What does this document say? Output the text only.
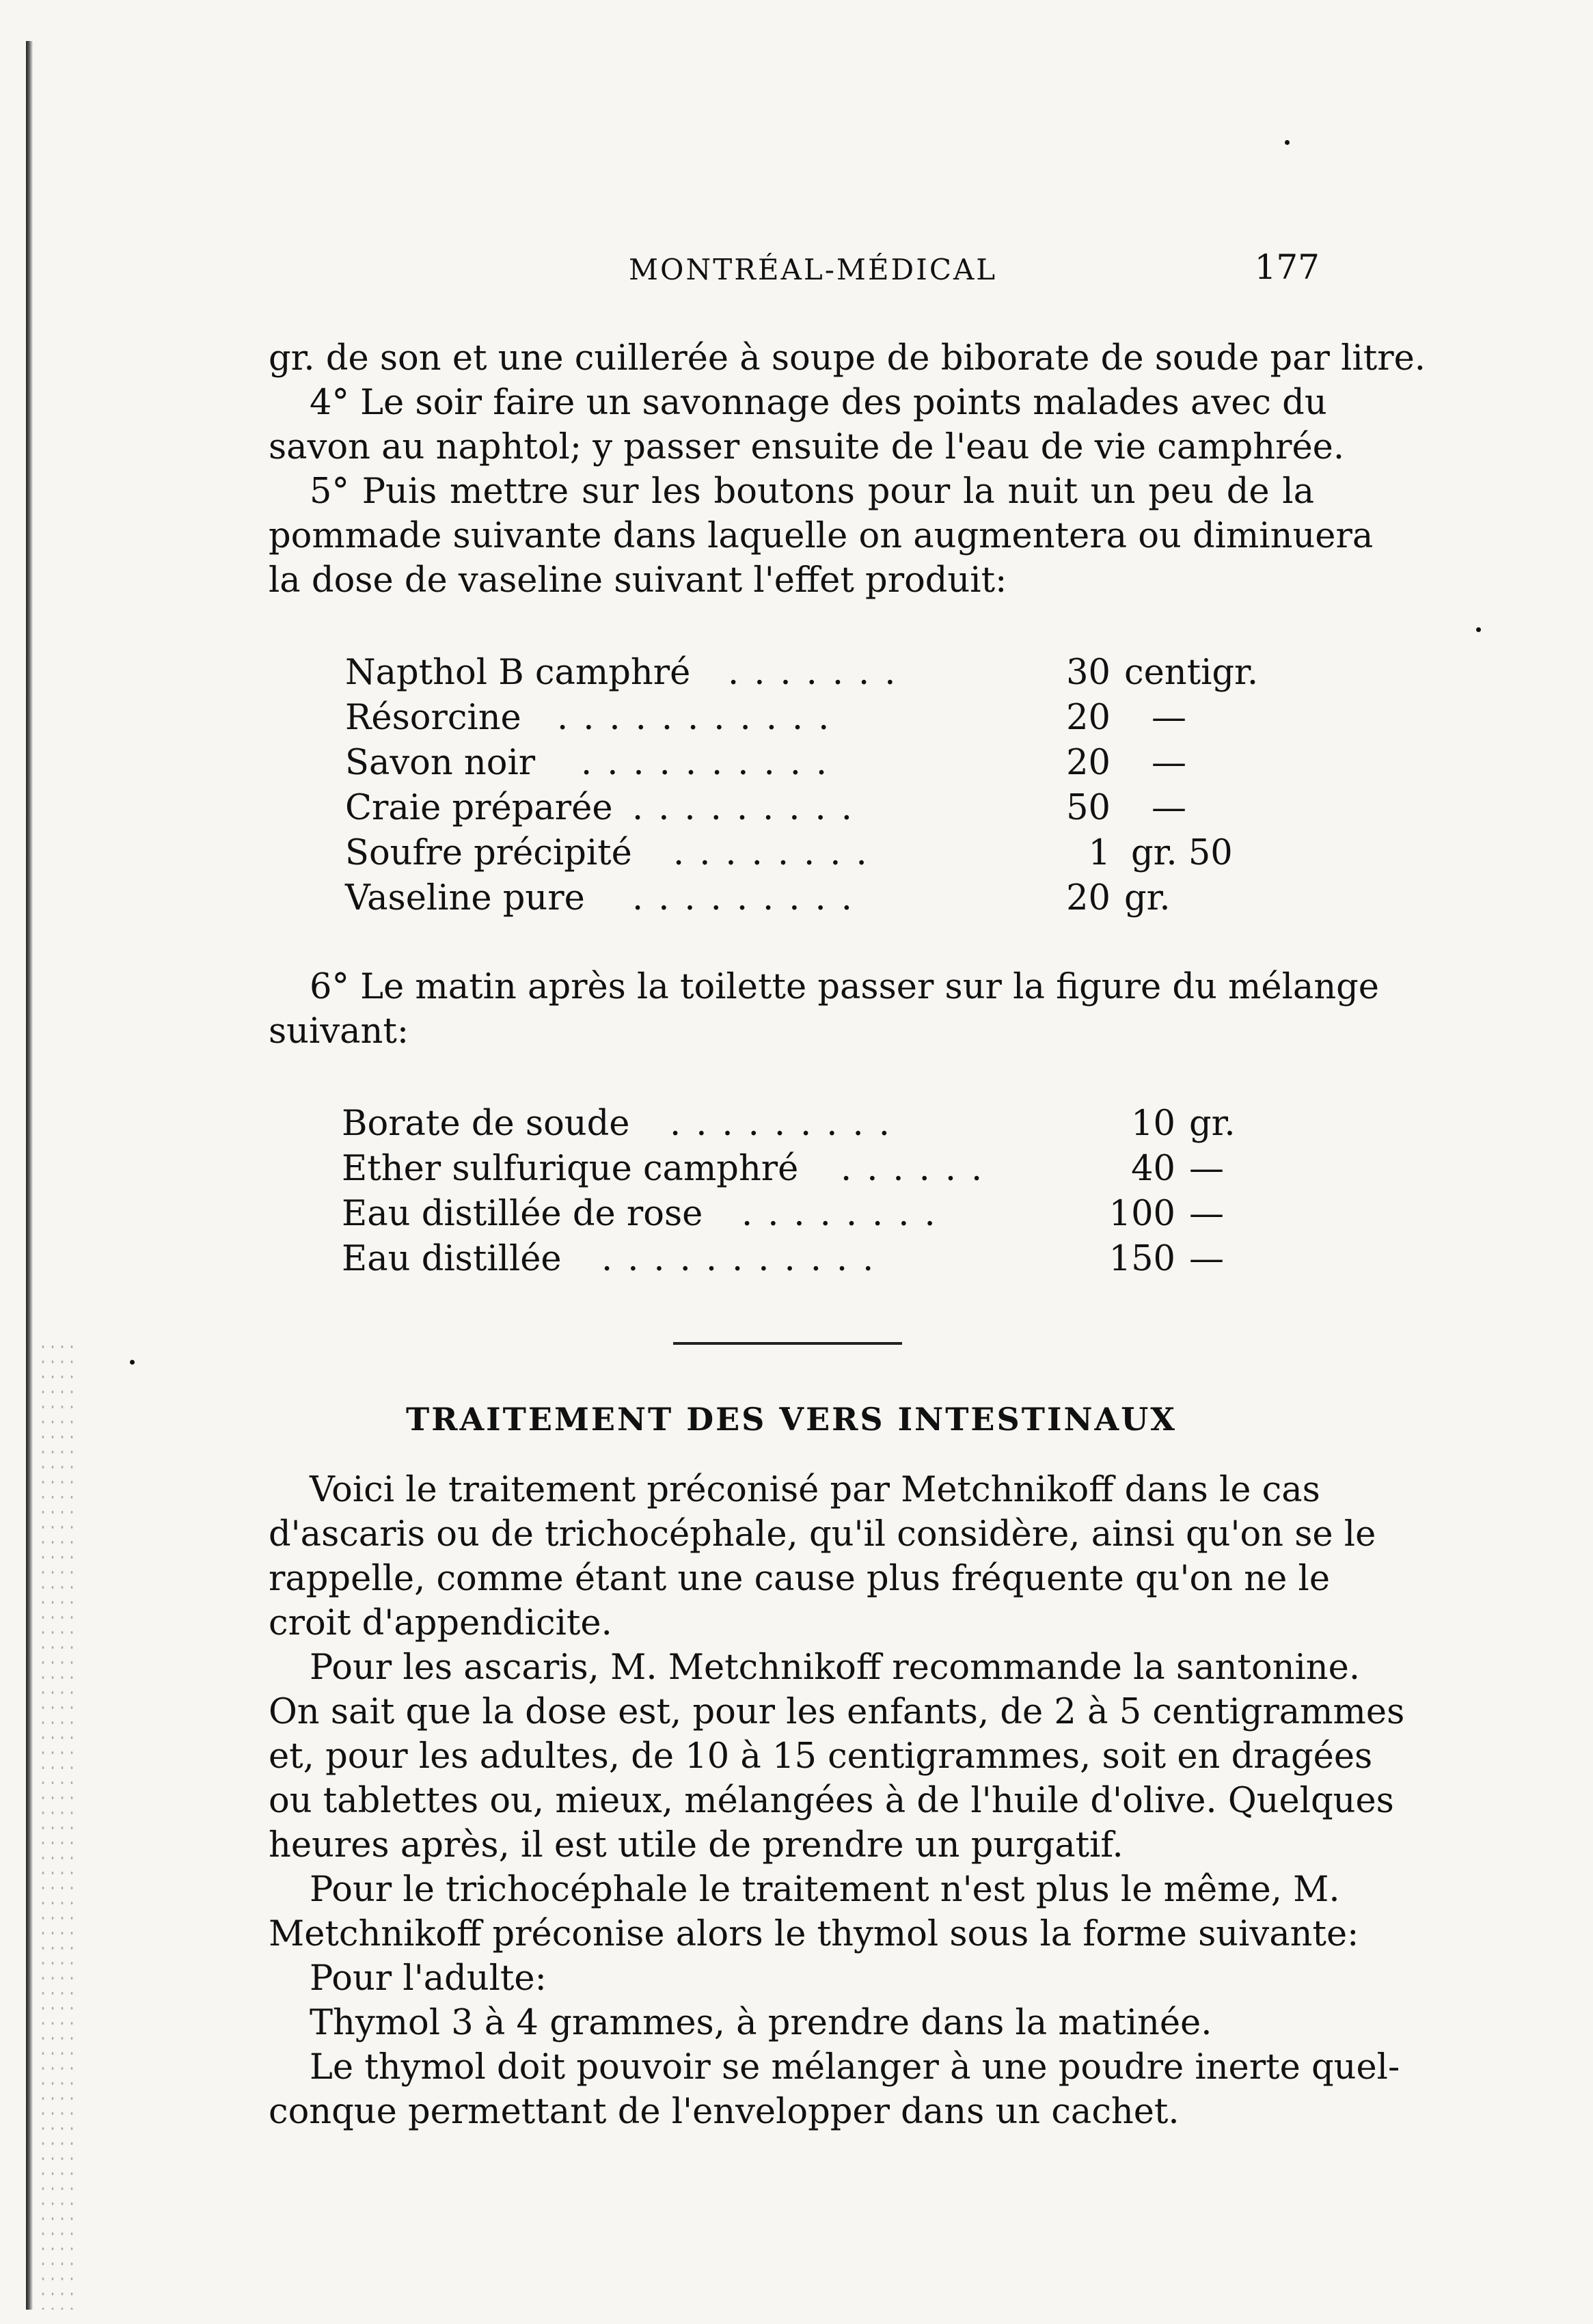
MONTRÉAL-MÉDICAL	177
gr. de son et une cuillerée à soupe de biborate de soude par litre.
4° Le soir faire un savonnage des points malades avec du
savon au naphtol; y passer ensuite de l'eau de vie camphrée.
5° Puis mettre sur les boutons pour la nuit un peu de la
pommade suivante dans laquelle on augmentera ou diminuera
la dose de vaseline suivant l'effet produit:
Napthol B camphré .......	30 centigr.
Résorcine ...........	20 —
Savon noir ..........	20 —
Craie préparée .........	50 —
Soufre précipité ........	1 gr. 50
Vaseline pure .........	20 gr.
6° Le matin après la toilette passer sur la figure du mélange
suivant:
Borate de soude .........	10 gr.
Ether sulfurique camphré ......	40 —
Eau distillée de rose ........	100 —
Eau distillée ...........	150 —
TRAITEMENT DES VERS INTESTINAUX
Voici le traitement préconisé par Metchnikoff dans le cas
d'ascaris ou de trichocéphale, qu'il considère, ainsi qu'on se le
rappelle, comme étant une cause plus fréquente qu'on ne le
croit d'appendicite.
Pour les ascaris, M. Metchnikoff recommande la santonine.
On sait que la dose est, pour les enfants, de 2 à 5 centigrammes
et, pour les adultes, de 10 à 15 centigrammes, soit en dragées
ou tablettes ou, mieux, mélangées à de l'huile d'olive. Quelques
heures après, il est utile de prendre un purgatif.
Pour le trichocéphale le traitement n'est plus le même, M.
Metchnikoff préconise alors le thymol sous la forme suivante:
Pour l'adulte:
Thymol 3 à 4 grammes, à prendre dans la matinée.
Le thymol doit pouvoir se mélanger à une poudre inerte quel-
conque permettant de l'envelopper dans un cachet.
